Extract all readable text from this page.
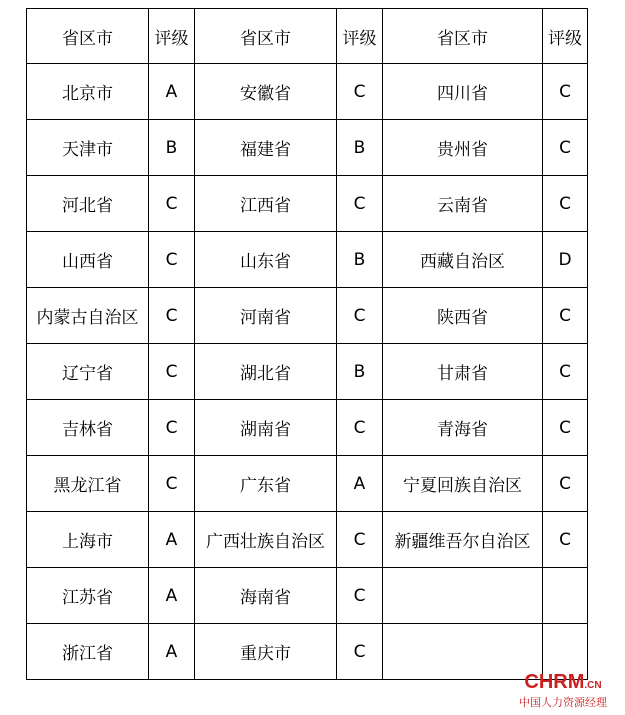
省区市	评级	省区市	评级	省区市	评级
北京市	A	安徽省	C	四川省	C
天津市	B	福建省	B	贵州省	C
河北省	C	江西省	C	云南省	C
山西省	C	山东省	B	西藏自治区	D
内蒙古自治区	C	河南省	C	陕西省	C
辽宁省	C	湖北省	B	甘肃省	C
吉林省	C	湖南省	C	青海省	C
黑龙江省	C	广东省	A	宁夏回族自治区	C
上海市	A	广西壮族自治区	C	新疆维吾尔自治区	C
江苏省	A	海南省	C		
浙江省	A	重庆市	C		
CHRM.CN
中国人力资源经理
